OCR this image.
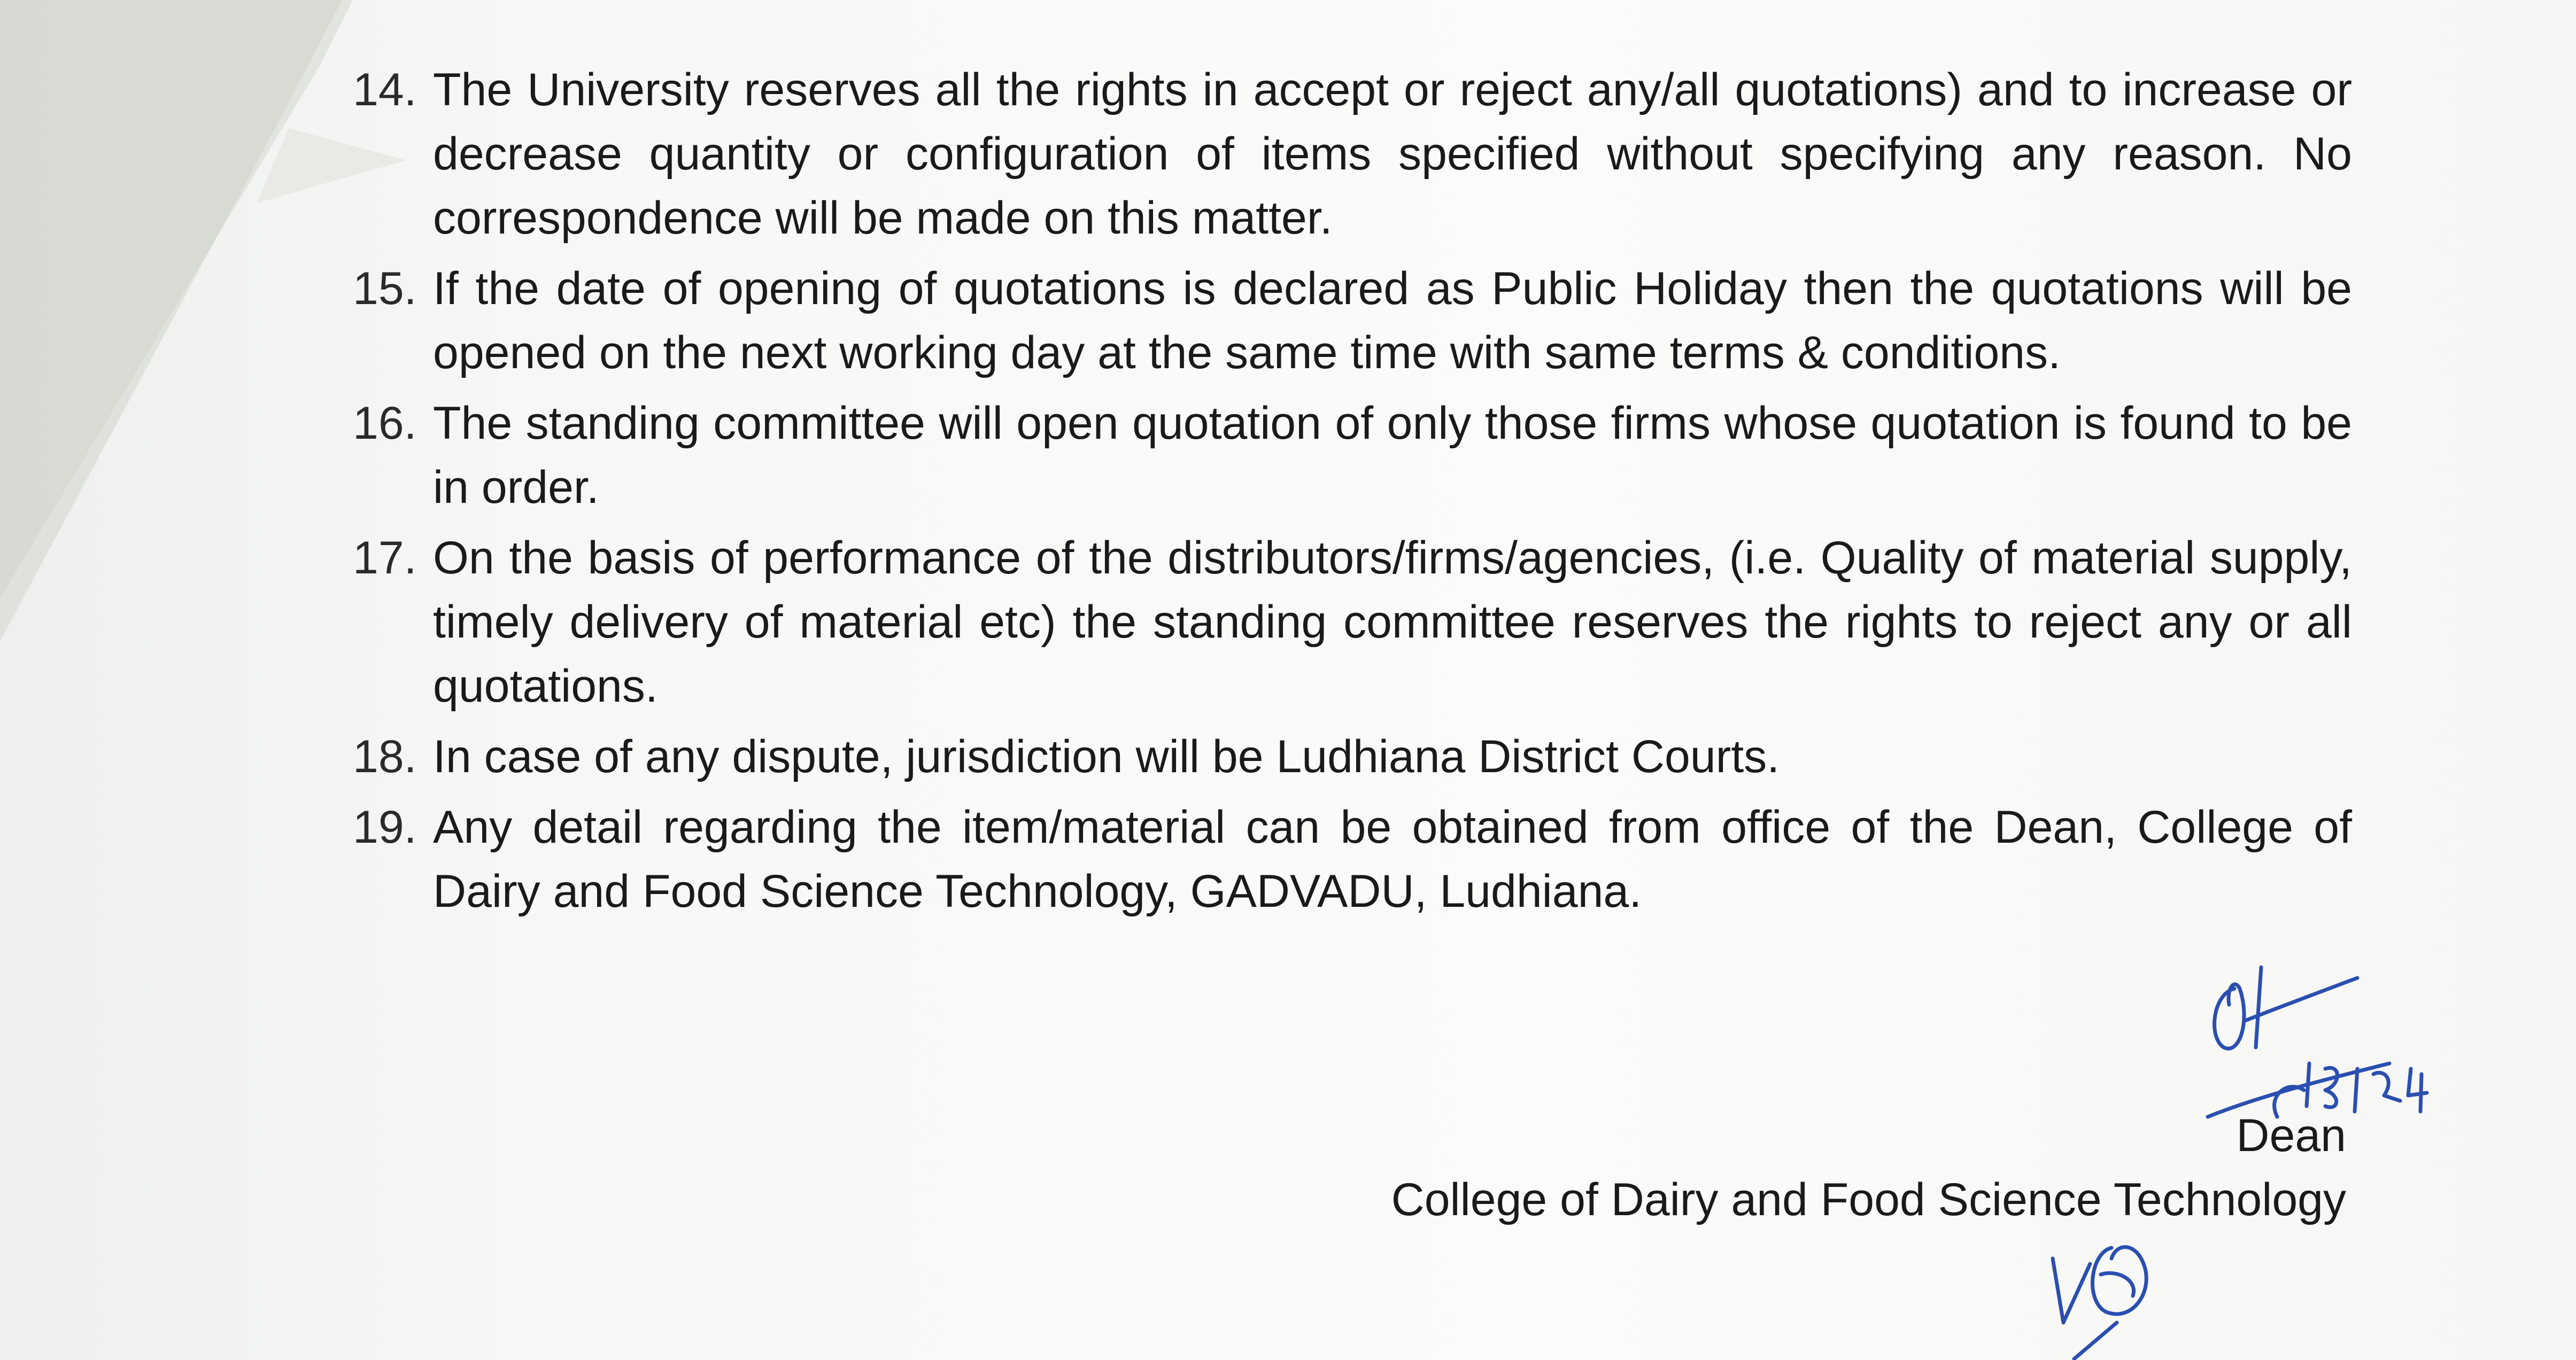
14. The University reserves all the rights in accept or reject any/all quotations) and to increase or decrease quantity or configuration of items specified without specifying any reason. No correspondence will be made on this matter.
15. If the date of opening of quotations is declared as Public Holiday then the quotations will be opened on the next working day at the same time with same terms & conditions.
16. The standing committee will open quotation of only those firms whose quotation is found to be in order.
17. On the basis of performance of the distributors/firms/agencies, (i.e. Quality of material supply, timely delivery of material etc) the standing committee reserves the rights to reject any or all quotations.
18. In case of any dispute, jurisdiction will be Ludhiana District Courts.
19. Any detail regarding the item/material can be obtained from office of the Dean, College of Dairy and Food Science Technology, GADVADU, Ludhiana.
Dean
College of Dairy and Food Science Technology
